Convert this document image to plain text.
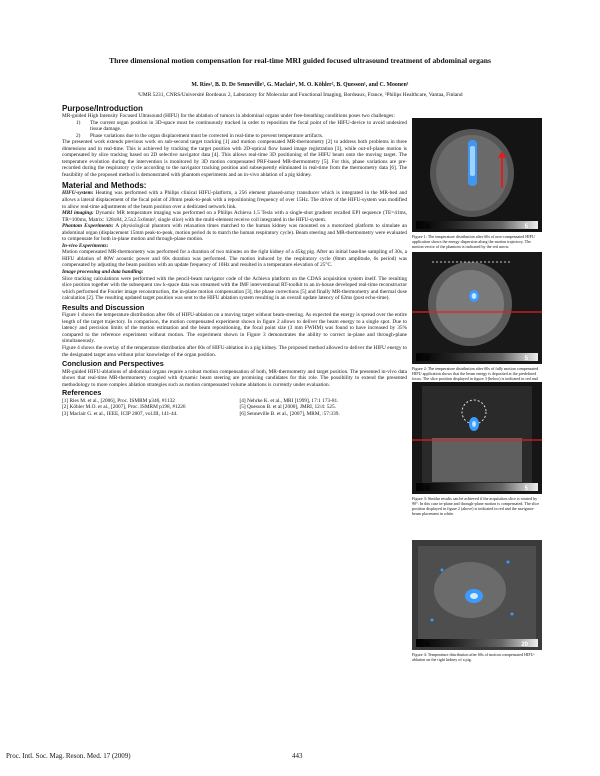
Three dimensional motion compensation for real-time MRI guided focused ultrasound treatment of abdominal organs
M. Ries¹, B. D. De Senneville¹, G. Maclair¹, M. O. Köhler², B. Quesson¹, and C. Moonen¹
¹UMR 5231, CNRS/Université Bordeaux 2, Laboratory for Molecular and Functional Imaging, Bordeaux, France, ²Philips Healthcare, Vantaa, Finland
Purpose/Introduction

MR-guided High Intensity Focused Ultrasound (HIFU) for the ablation of tumors in abdominal organs under free-breathing conditions poses two challenges:

1) The current organ position in 3D-space must be continuously tracked in order to reposition the focal point of the HIFU-device to avoid undesired tissue damage.
2) Phase variations due to the organ displacement must be corrected in real-time to prevent temperature artifacts.

The presented work extends previous work on sub-second target tracking [1] and motion compensated MR-thermometry [2] to address both problems in three dimensions and in real-time. This is achieved by tracking the target position with 2D-optical flow based image registration [3], while out-of-plane motion is compensated by slice tracking based on 2D selective navigator data [4]. This allows real-time 3D positioning of the HIFU beam onto the moving target. The temperature evolution during the intervention is monitored by 3D motion compensated PRF-based MR-thermometry [5]. For this, phase variations are pre-recorded during the respiratory cycle according to the navigator tracking position and subsequently eliminated in real-time from the thermometry data [6]. The feasibility of the proposed method is demonstrated with phantom experiments and an in-vivo ablation of a pig kidney.

Material and Methods:

HIFU-system: Heating was performed with a Philips clinical HIFU-platform, a 256 element phased-array transducer which is integrated in the MR-bed and allows a lateral displacement of the focal point of 20mm peak-to-peak with a repositioning frequency of over 15Hz. The driver of the HIFU-system was modified to allow real-time adjustments of the beam position over a dedicated network link.

MRI imaging: Dynamic MR temperature imaging was performed on a Philips Achieva 1.5 Tesla with a single-shot gradient recalled EPI sequence (TE=41ms, TR=100ms, Matrix: 128x84, 2.5x2.5x6mm³, single slice) with the multi-element receive coil integrated in the HIFU-system.

Phantom Experiments: A physiological phantom with relaxation times matched to the human kidney was mounted on a motorized platform to simulate an abdominal organ (displacement 15mm peak-to-peak, motion period 4s to match the human respiratory cycle). Beam steering and MR-thermometry were evaluated to compensate for both in-plane motion and through-plane motion.

In-vivo Experiments:

Motion compensated MR-thermometry was performed for a duration of two minutes on the right kidney of a 45kg pig. After an initial baseline sampling of 30s, a HIFU ablation of 80W acoustic power and 60s duration was performed. The motion induced by the respiratory cycle (8mm amplitude, 6s period) was compensated by adjusting the beam position with an update frequency of 10Hz and resulted in a temperature elevation of 25°C.

Image processing and data handling:

Slice tracking calculations were performed with the pencil-beam navigator code of the Achieva platform on the CDAS acquisition system itself. The resulting slice position together with the subsequent raw k-space data was streamed with the IMF interventional RT-toolkit to an in-house developed real-time reconstructor which performed the Fourier image reconstruction, the in-plane motion compensation [3], the phase corrections [5] and finally MR-thermometry and thermal dose calculation [2]. The resulting updated target position was sent to the HIFU ablation system resulting in an overall update latency of 62ms (post echo-time).

Results and Discussion

Figure 1 shows the temperature distribution after 60s of HIFU-ablation on a moving target without beam-steering. As expected the energy is spread over the entire length of the target trajectory. In comparison, the motion compensated experiment shown in figure 2 allows to deliver the beam energy to a single spot. Due to latency and precision limits of the motion estimation and the beam repositioning, the focal point size (3 mm FWHM) was found to have increased by 35% compared to the reference experiment without motion. The experiment shown in Figure 3 demonstrates the ability to correct in-plane and through-plane simultaneously.

Figure 4 shows the overlay of the temperature distribution after 60s of HIFU-ablation in a pig kidney. The proposed method allowed to deliver the HIFU energy to the designated target area without prior knowledge of the organ position.

Conclusion and Perspectives

MR-guided HIFU-ablations of abdominal organs require a robust motion compensation of both, MR-thermometry and target position. The presented in-vivo data shows that real-time MR-thermometry coupled with dynamic beam steering are promising candidates for this role. The possibility to extend the presented methodology to more complex ablation strategies such as motion compensated volume ablations is currently under evaluation.

References
[1] Ries M. et al., [2006], Proc. ISMRM p346, #1132	[4] Nehrke K. et al., MRI [1999], 17:1 173-81.
[2] Köhler M.O. et al., [2007], Proc. ISMRM p198, #1226	[5] Quesson B. et al [2000], JMRI, 12/4: 525.
[3] Maclair G. et al., IEEE, ICIP 2007, vol.III, 141-44.	[6] Senneville B. et al., [2007], MRM, :57:339.
0	5
Figure 1: The temperature distribution after 60s of non-compensated HIFU application shows the energy dispersion along the motion trajectory. The motion vector of the phantom is indicated by the red arrow.
0	5
Figure 2: The temperature distribution after 60s of fully motion compensated HIFU application shows that the beam energy is deposited at the predefined focus. The slice position displayed in figure 3 (below) is indicated in red and
0	5
Figure 3: Similar results can be achieved if the acquisition slice is rotated by 90°. In this case in-plane and through-plane motion is compensated. The slice position displayed in figure 2 (above) is indicated in red and the navigator-beam placement in white.
0	20
Figure 4: Temperature distribution after 60s of motion compensated HIFU-ablation on the right kidney of a pig.
Proc. Intl. Soc. Mag. Reson. Med. 17 (2009)	443
